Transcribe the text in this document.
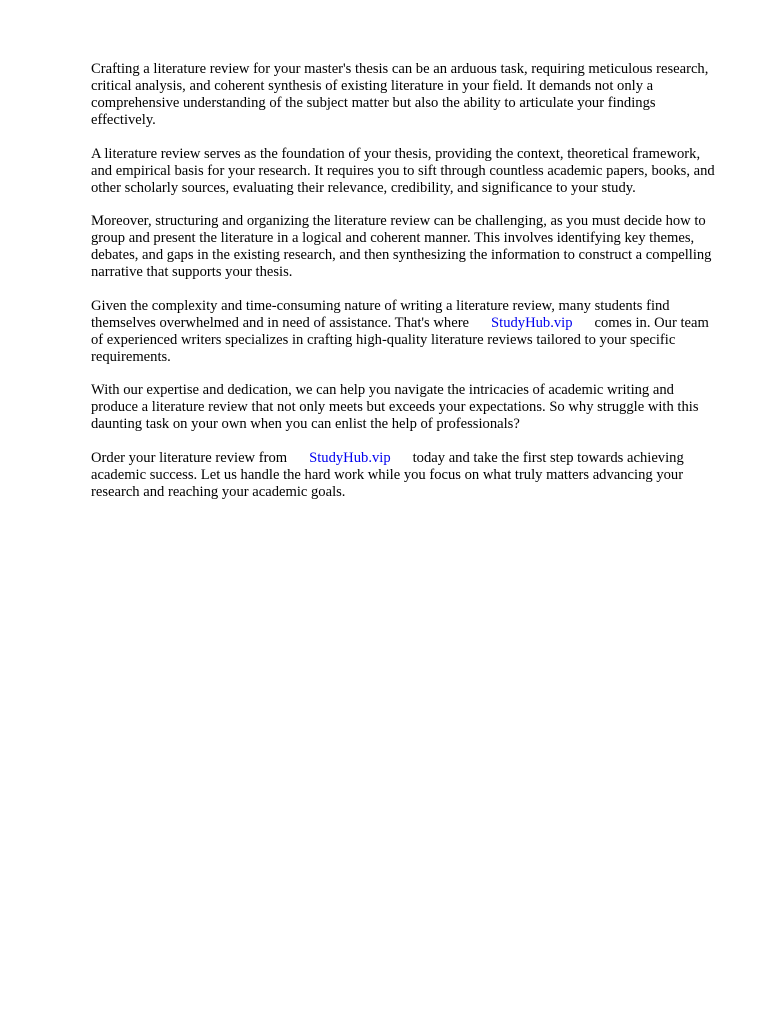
Crafting a literature review for your master's thesis can be an arduous task, requiring meticulous research, critical analysis, and coherent synthesis of existing literature in your field. It demands not only a comprehensive understanding of the subject matter but also the ability to articulate your findings effectively.

A literature review serves as the foundation of your thesis, providing the context, theoretical framework, and empirical basis for your research. It requires you to sift through countless academic papers, books, and other scholarly sources, evaluating their relevance, credibility, and significance to your study.

Moreover, structuring and organizing the literature review can be challenging, as you must decide how to group and present the literature in a logical and coherent manner. This involves identifying key themes, debates, and gaps in the existing research, and then synthesizing the information to construct a compelling narrative that supports your thesis.

Given the complexity and time-consuming nature of writing a literature review, many students find themselves overwhelmed and in need of assistance. That's where StudyHub.vip comes in. Our team of experienced writers specializes in crafting high-quality literature reviews tailored to your specific requirements.

With our expertise and dedication, we can help you navigate the intricacies of academic writing and produce a literature review that not only meets but exceeds your expectations. So why struggle with this daunting task on your own when you can enlist the help of professionals?

Order your literature review from StudyHub.vip today and take the first step towards achieving academic success. Let us handle the hard work while you focus on what truly matters advancing your research and reaching your academic goals.
